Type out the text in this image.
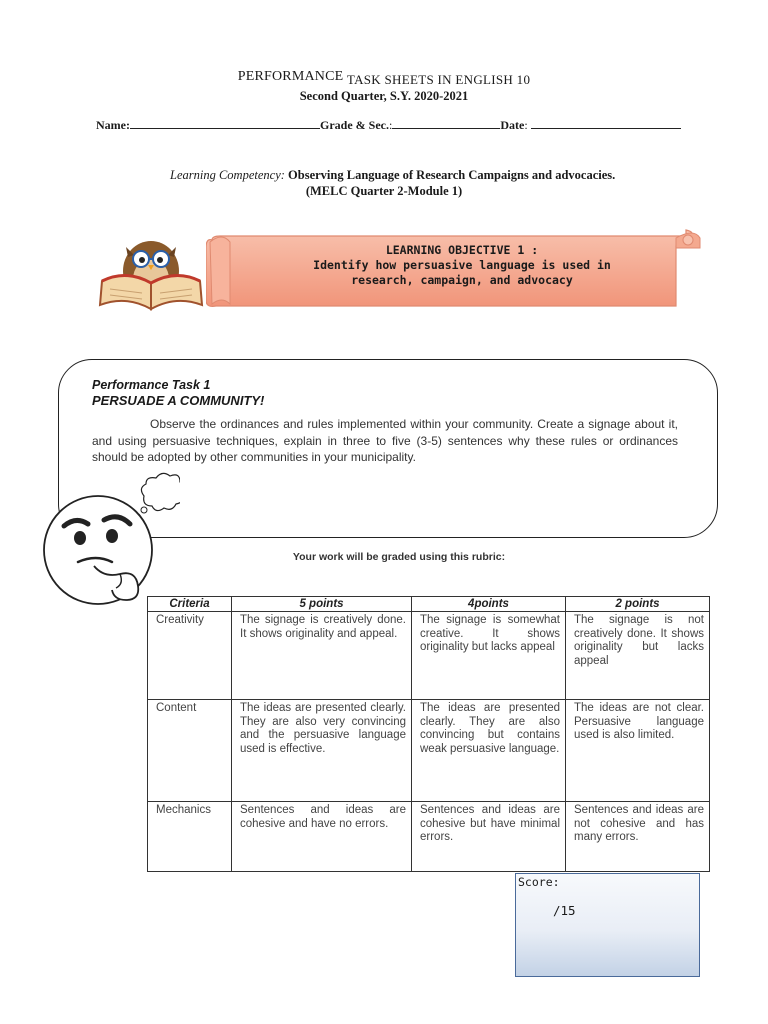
PERFORMANCE TASK SHEETS IN ENGLISH 10
Second Quarter, S.Y. 2020-2021
Name:	Grade & Sec.:	Date:
Learning Competency: Observing Language of Research Campaigns and advocacies.
(MELC Quarter 2-Module 1)
LEARNING OBJECTIVE 1 :
Identify how persuasive language is used in
research, campaign, and advocacy
Performance Task 1
PERSUADE A COMMUNITY!
Observe the ordinances and rules implemented within your community. Create a signage about it, and using persuasive techniques, explain in three to five (3-5) sentences why these rules or ordinances should be adopted by other communities in your municipality.
Your work will be graded using this rubric:
Criteria	5 points	4points	2 points
Creativity	The signage is creatively done. It shows originality and appeal.	The signage is somewhat creative. It shows originality but lacks appeal	The signage is not creatively done. It shows originality but lacks appeal
Content	The ideas are presented clearly. They are also very convincing and the persuasive language used is effective.	The ideas are presented clearly. They are also convincing but contains weak persuasive language.	The ideas are not clear. Persuasive language used is also limited.
Mechanics	Sentences and ideas are cohesive and have no errors.	Sentences and ideas are cohesive but have minimal errors.	Sentences and ideas are not cohesive and has many errors.
Score:
/15
